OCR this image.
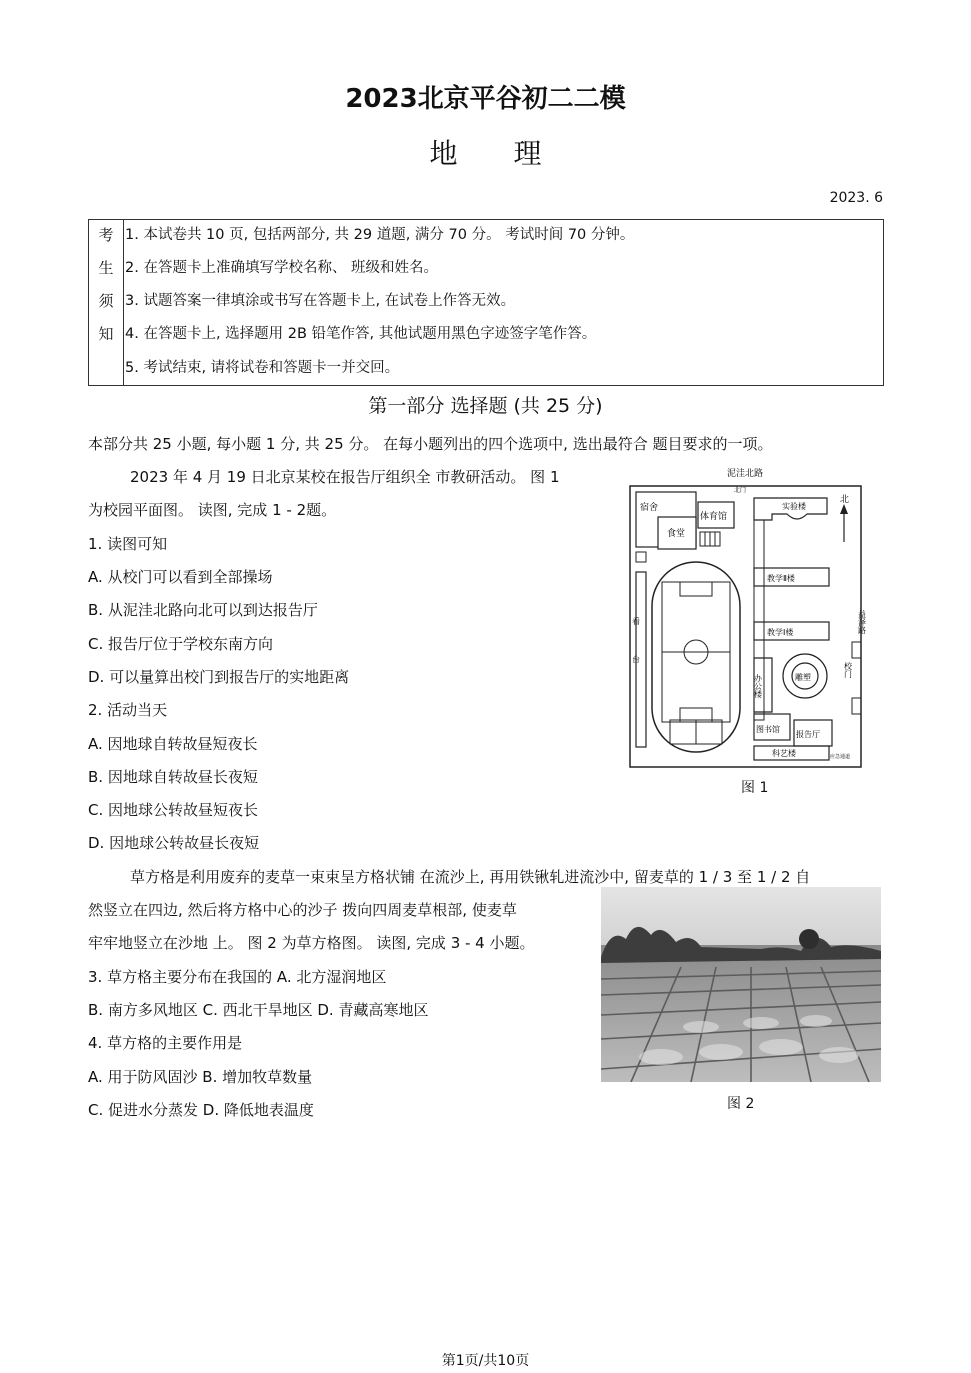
2023北京平谷初二二模
地理
2023. 6
考
生
须
知
1. 本试卷共 10 页, 包括两部分, 共 29 道题, 满分 70 分。 考试时间 70 分钟。
2. 在答题卡上准确填写学校名称、 班级和姓名。
3. 试题答案一律填涂或书写在答题卡上, 在试卷上作答无效。
4. 在答题卡上, 选择题用 2B 铅笔作答, 其他试题用黑色字迹签字笔作答。
5. 考试结束, 请将试卷和答题卡一并交回。
第一部分 选择题 (共 25 分)
本部分共 25 小题, 每小题 1 分, 共 25 分。 在每小题列出的四个选项中, 选出最符合 题目要求的一项。
2023 年 4 月 19 日北京某校在报告厅组织全 市教研活动。 图 1
为校园平面图。 读图, 完成 1 - 2题。
1. 读图可知
A. 从校门可以看到全部操场
B. 从泥洼北路向北可以到达报告厅
C. 报告厅位于学校东南方向
D. 可以量算出校门到报告厅的实地距离
2. 活动当天
A. 因地球自转故昼短夜长
B. 因地球自转故昼长夜短
C. 因地球公转故昼短夜长
D. 因地球公转故昼长夜短
泥洼北路
北门
宿舍
食堂
体育馆
实验楼
北
教学Ⅱ楼
教学Ⅰ楼	益泽路
校门
看台	办公楼	雕塑
图书馆
报告厅
科艺楼	应急通道
图 1
草方格是利用废弃的麦草一束束呈方格状铺 在流沙上, 再用铁锹轧进流沙中, 留麦草的 1 / 3 至 1 / 2 自
然竖立在四边, 然后将方格中心的沙子 拨向四周麦草根部, 使麦草
牢牢地竖立在沙地 上。 图 2 为草方格图。 读图, 完成 3 - 4 小题。
3. 草方格主要分布在我国的 A. 北方湿润地区
B. 南方多风地区 C. 西北干旱地区 D. 青藏高寒地区
4. 草方格的主要作用是
A. 用于防风固沙 B. 增加牧草数量
C. 促进水分蒸发 D. 降低地表温度	图 2
第1页/共10页
